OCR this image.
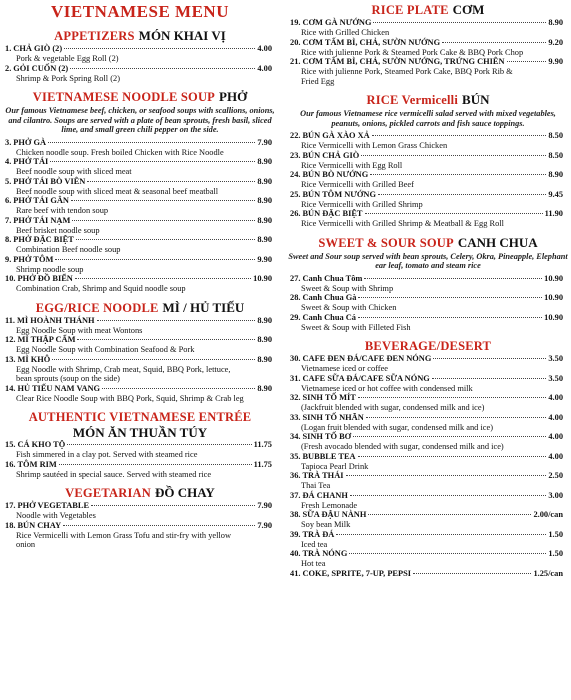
VIETNAMESE MENU
APPETIZERS MÓN KHAI VỊ
1. CHẢ GIÒ (2)	4.00
Pork & vegetable Egg Roll (2)
2. GỎI CUỐN (2)	4.00
Shrimp & Pork Spring Roll (2)
VIETNAMESE NOODLE SOUP PHỞ
Our famous Vietnamese beef, chicken, or seafood soups with scallions, onions, and cilantro. Soups are served with a plate of bean sprouts, fresh basil, sliced lime, and small green chili pepper on the side.
3. PHỞ GÀ	7.90
Chicken noodle soup. Fresh boiled Chicken with Rice Noodle
4. PHỞ TÁI	8.90
Beef noodle soup with sliced meat
5. PHỞ TÁI BÒ VIÊN	8.90
Beef noodle soup with sliced meat & seasonal beef meatball
6. PHỞ TÁI GÂN	8.90
Rare beef with tendon soup
7. PHỞ TÁI NẠM	8.90
Beef brisket noodle soup
8. PHỞ ĐẶC BIỆT	8.90
Combination Beef noodle soup
9. PHỞ TÔM	9.90
Shrimp noodle soup
10. PHỞ ĐỒ BIỂN	10.90
Combination Crab, Shrimp and Squid noodle soup
EGG/RICE NOODLE MÌ / HỦ TIẾU
11. MÌ HOÀNH THÁNH	8.90
Egg Noodle Soup with meat Wontons
12. MÌ THẬP CẨM	8.90
Egg Noodle Soup with Combination Seafood & Pork
13. MÌ KHÔ	8.90
Egg Noodle with Shrimp, Crab meat, Squid, BBQ Pork, lettuce,
bean sprouts (soup on the side)
14. HỦ TIẾU NAM VANG	8.90
Clear Rice Noodle Soup with BBQ Pork, Squid, Shrimp & Crab leg
AUTHENTIC VIETNAMESE ENTRÉE
MÓN ĂN THUẦN TÚY
15. CÁ KHO TỘ	11.75
Fish simmered in a clay pot. Served with steamed rice
16. TÔM RIM	11.75
Shrimp sautéed in special sauce. Served with steamed rice
VEGETARIAN ĐỒ CHAY
17. PHỞ VEGETABLE	7.90
Noodle with Vegetables
18. BÚN CHAY	7.90
Rice Vermicelli with Lemon Grass Tofu and stir-fry with yellow
onion
RICE PLATE CƠM
19. CƠM GÀ NƯỚNG	8.90
Rice with Grilled Chicken
20. CƠM TẤM BÌ, CHẢ, SƯỜN NƯỚNG	9.20
Rice with julienne Pork & Steamed Pork Cake & BBQ Pork Chop
21. CƠM TẤM BÌ, CHẢ, SƯỜN NƯỚNG, TRỨNG CHIÊN	9.90
Rice with julienne Pork, Steamed Pork Cake, BBQ Pork Rib &
Fried Egg
RICE Vermicelli BÚN
Our famous Vietnamese rice vermicelli salad served with mixed vegetables, peanuts, onions, pickled carrots and fish sauce toppings.
22. BÚN GÀ XÀO XẢ	8.50
Rice Vermicelli with Lemon Grass Chicken
23. BÚN CHẢ GIÒ	8.50
Rice Vermicelli with Egg Roll
24. BÚN BÒ NƯỚNG	8.90
Rice Vermicelli with Grilled Beef
25. BÚN TÔM NƯỚNG	9.45
Rice Vermicelli with Grilled Shrimp
26. BÚN ĐẶC BIỆT	11.90
Rice Vermicelli with Grilled Shrimp & Meatball & Egg Roll
SWEET & SOUR SOUP CANH CHUA
Sweet and Sour soup served with bean sprouts, Celery, Okra, Pineapple, Elephant ear leaf, tomato and steam rice
27. Canh Chua Tôm	10.90
Sweet & Soup with Shrimp
28. Canh Chua Gà	10.90
Sweet & Soup with Chicken
29. Canh Chua Cá	10.90
Sweet & Soup with Filleted Fish
BEVERAGE/DESERT
30. CAFE ĐEN ĐÁ/CAFE ĐEN NÓNG	3.50
Vietnamese iced or coffee
31. CAFE SỮA ĐÁ/CAFE SỮA NÓNG	3.50
Vietnamese iced or hot coffee with condensed milk
32. SINH TỐ MÍT	4.00
(Jackfruit blended with sugar, condensed milk and ice)
33. SINH TỐ NHÃN	4.00
(Logan fruit blended with sugar, condensed milk and ice)
34. SINH TỐ BƠ	4.00
(Fresh avocado blended with sugar, condensed milk and ice)
35. BUBBLE TEA	4.00
Tapioca Pearl Drink
36. TRÀ THÁI	2.50
Thai Tea
37. ĐÁ CHANH	3.00
Fresh Lemonade
38. SỮA ĐẬU NÀNH	2.00/can
Soy bean Milk
39. TRÀ ĐÁ	1.50
Iced tea
40. TRÀ NÓNG	1.50
Hot tea
41. COKE, SPRITE, 7-UP, PEPSI	1.25/can
